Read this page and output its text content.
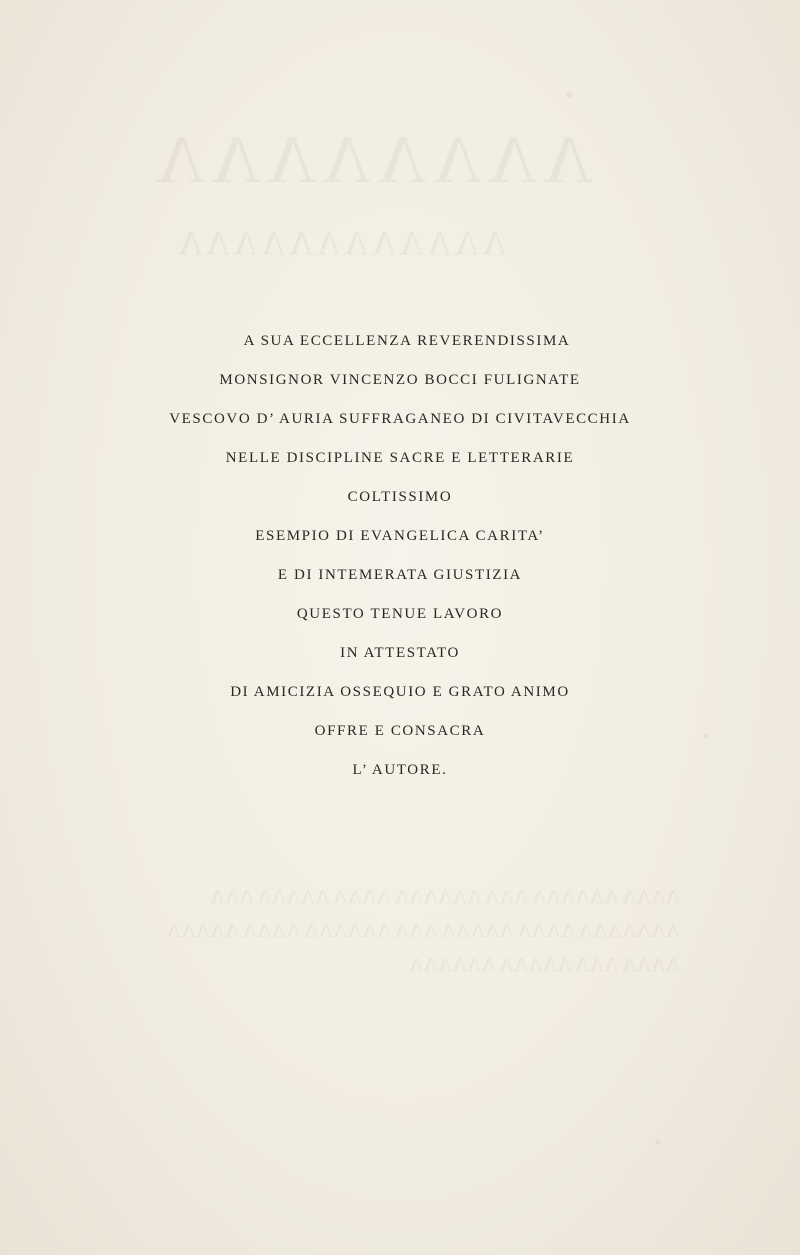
ΛΛΛΛΛΛΛΛ
ΛΛΛΛΛΛΛΛΛΛΛΛ
ΛΛΛΛ ΛΛΛΛΛΛ ΛΛΛ ΛΛΛΛΛΛ ΛΛΛΛ ΛΛΛΛΛ ΛΛΛ ΛΛΛΛΛΛΛ ΛΛΛΛ ΛΛΛΛΛ ΛΛΛ ΛΛΛΛΛΛ ΛΛΛΛ ΛΛΛΛΛ ΛΛΛΛ ΛΛΛ ΛΛΛΛΛ ΛΛΛΛΛΛ
A SUA ECCELLENZA REVERENDISSIMA
MONSIGNOR VINCENZO BOCCI FULIGNATE
VESCOVO D’ AURIA SUFFRAGANEO DI CIVITAVECCHIA
NELLE DISCIPLINE SACRE E LETTERARIE
COLTISSIMO
ESEMPIO DI EVANGELICA CARITA’
E DI INTEMERATA GIUSTIZIA
QUESTO TENUE LAVORO
IN ATTESTATO
DI AMICIZIA OSSEQUIO E GRATO ANIMO
OFFRE E CONSACRA
L’ AUTORE.
